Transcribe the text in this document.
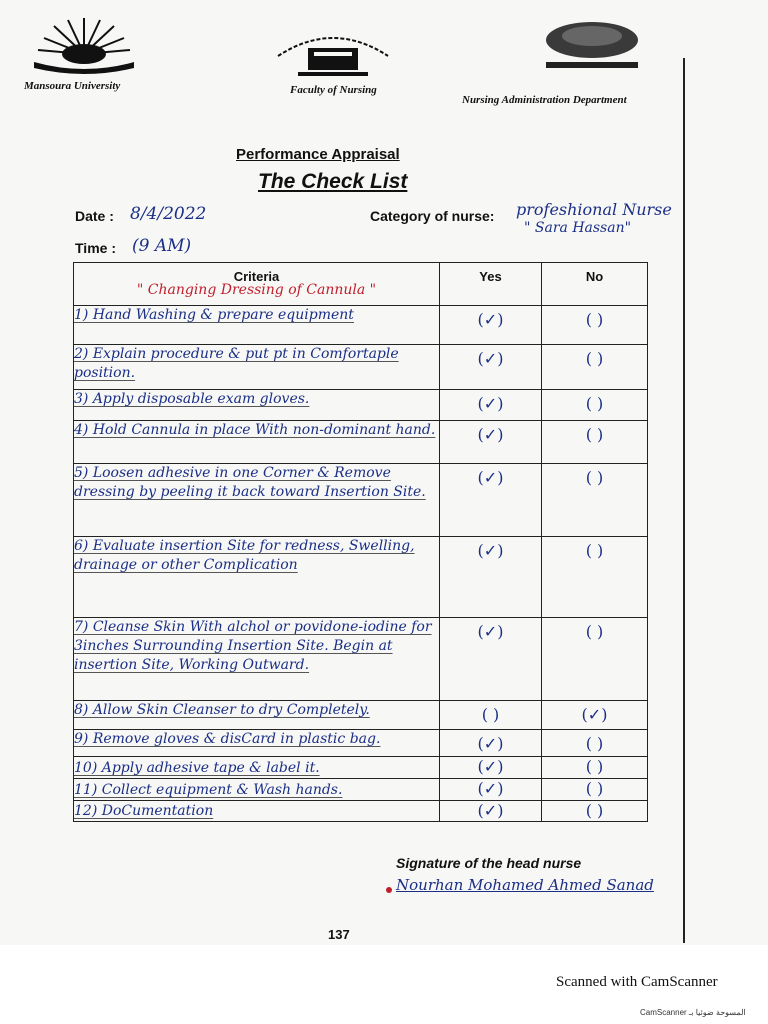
Mansoura University	Faculty of Nursing
Nursing Administration Department
Performance Appraisal
The Check List
Date : 8/4/2022
Time : (9 AM)
Category of nurse: profeshional Nurse
" Sara Hassan"
Criteria
" Changing Dressing of Cannula "	Yes	No
1) Hand Washing & prepare equipment	(✓)	( )
2) Explain procedure & put pt in Comfortaple position.	(✓)	( )
3) Apply disposable exam gloves.	(✓)	( )
4) Hold Cannula in place With non-dominant hand.	(✓)	( )
5) Loosen adhesive in one Corner & Remove dressing by peeling it back toward Insertion Site.	(✓)	( )
6) Evaluate insertion Site for redness, Swelling, drainage or other Complication	(✓)	( )
7) Cleanse Skin With alchol or povidone-iodine for 3inches Surrounding Insertion Site. Begin at insertion Site, Working Outward.	(✓)	( )
8) Allow Skin Cleanser to dry Completely.	( )	(✓)
9) Remove gloves & disCard in plastic bag.	(✓)	( )
10) Apply adhesive tape & label it.	(✓)	( )
11) Collect equipment & Wash hands.	(✓)	( )
12) DoCumentation	(✓)	( )
Signature of the head nurse
Nourhan Mohamed Ahmed Sanad
137
Scanned with CamScanner
CamScanner المسوحة ضوئيا بـ
